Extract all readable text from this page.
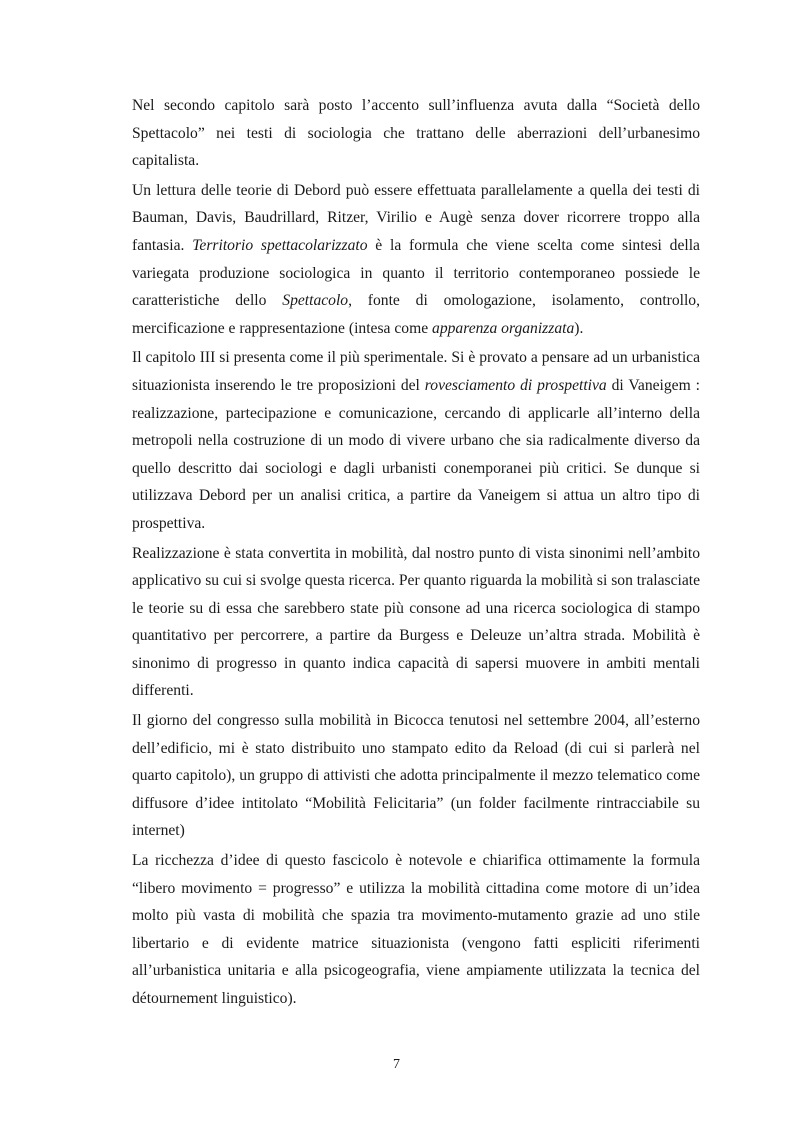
Nel secondo capitolo sarà posto l’accento sull’influenza avuta dalla “Società dello Spettacolo” nei testi di sociologia che trattano delle aberrazioni dell’urbanesimo capitalista.

Un lettura delle teorie di Debord può essere effettuata parallelamente a quella dei testi di Bauman, Davis, Baudrillard, Ritzer, Virilio e Augè senza dover ricorrere troppo alla fantasia. Territorio spettacolarizzato è la formula che viene scelta come sintesi della variegata produzione sociologica in quanto il territorio contemporaneo possiede le caratteristiche dello Spettacolo, fonte di omologazione, isolamento, controllo, mercificazione e rappresentazione (intesa come apparenza organizzata).

Il capitolo III si presenta come il più sperimentale. Si è provato a pensare ad un urbanistica situazionista inserendo le tre proposizioni del rovesciamento di prospettiva di Vaneigem : realizzazione, partecipazione e comunicazione, cercando di applicarle all’interno della metropoli nella costruzione di un modo di vivere urbano che sia radicalmente diverso da quello descritto dai sociologi e dagli urbanisti conemporanei più critici. Se dunque si utilizzava Debord per un analisi critica, a partire da Vaneigem si attua un altro tipo di prospettiva.

Realizzazione è stata convertita in mobilità, dal nostro punto di vista sinonimi nell’ambito applicativo su cui si svolge questa ricerca. Per quanto riguarda la mobilità si son tralasciate le teorie su di essa che sarebbero state più consone ad una ricerca sociologica di stampo quantitativo per percorrere, a partire da Burgess e Deleuze un’altra strada. Mobilità è sinonimo di progresso in quanto indica capacità di sapersi muovere in ambiti mentali differenti.

Il giorno del congresso sulla mobilità in Bicocca tenutosi nel settembre 2004, all’esterno dell’edificio, mi è stato distribuito uno stampato edito da Reload (di cui si parlerà nel quarto capitolo), un gruppo di attivisti che adotta principalmente il mezzo telematico come diffusore d’idee intitolato “Mobilità Felicitaria” (un folder facilmente rintracciabile su internet)

La ricchezza d’idee di questo fascicolo è notevole e chiarifica ottimamente la formula “libero movimento = progresso” e utilizza la mobilità cittadina come motore di un’idea molto più vasta di mobilità che spazia tra movimento-mutamento grazie ad uno stile libertario e di evidente matrice situazionista (vengono fatti espliciti riferimenti all’urbanistica unitaria e alla psicogeografia, viene ampiamente utilizzata la tecnica del détournement linguistico).

7
